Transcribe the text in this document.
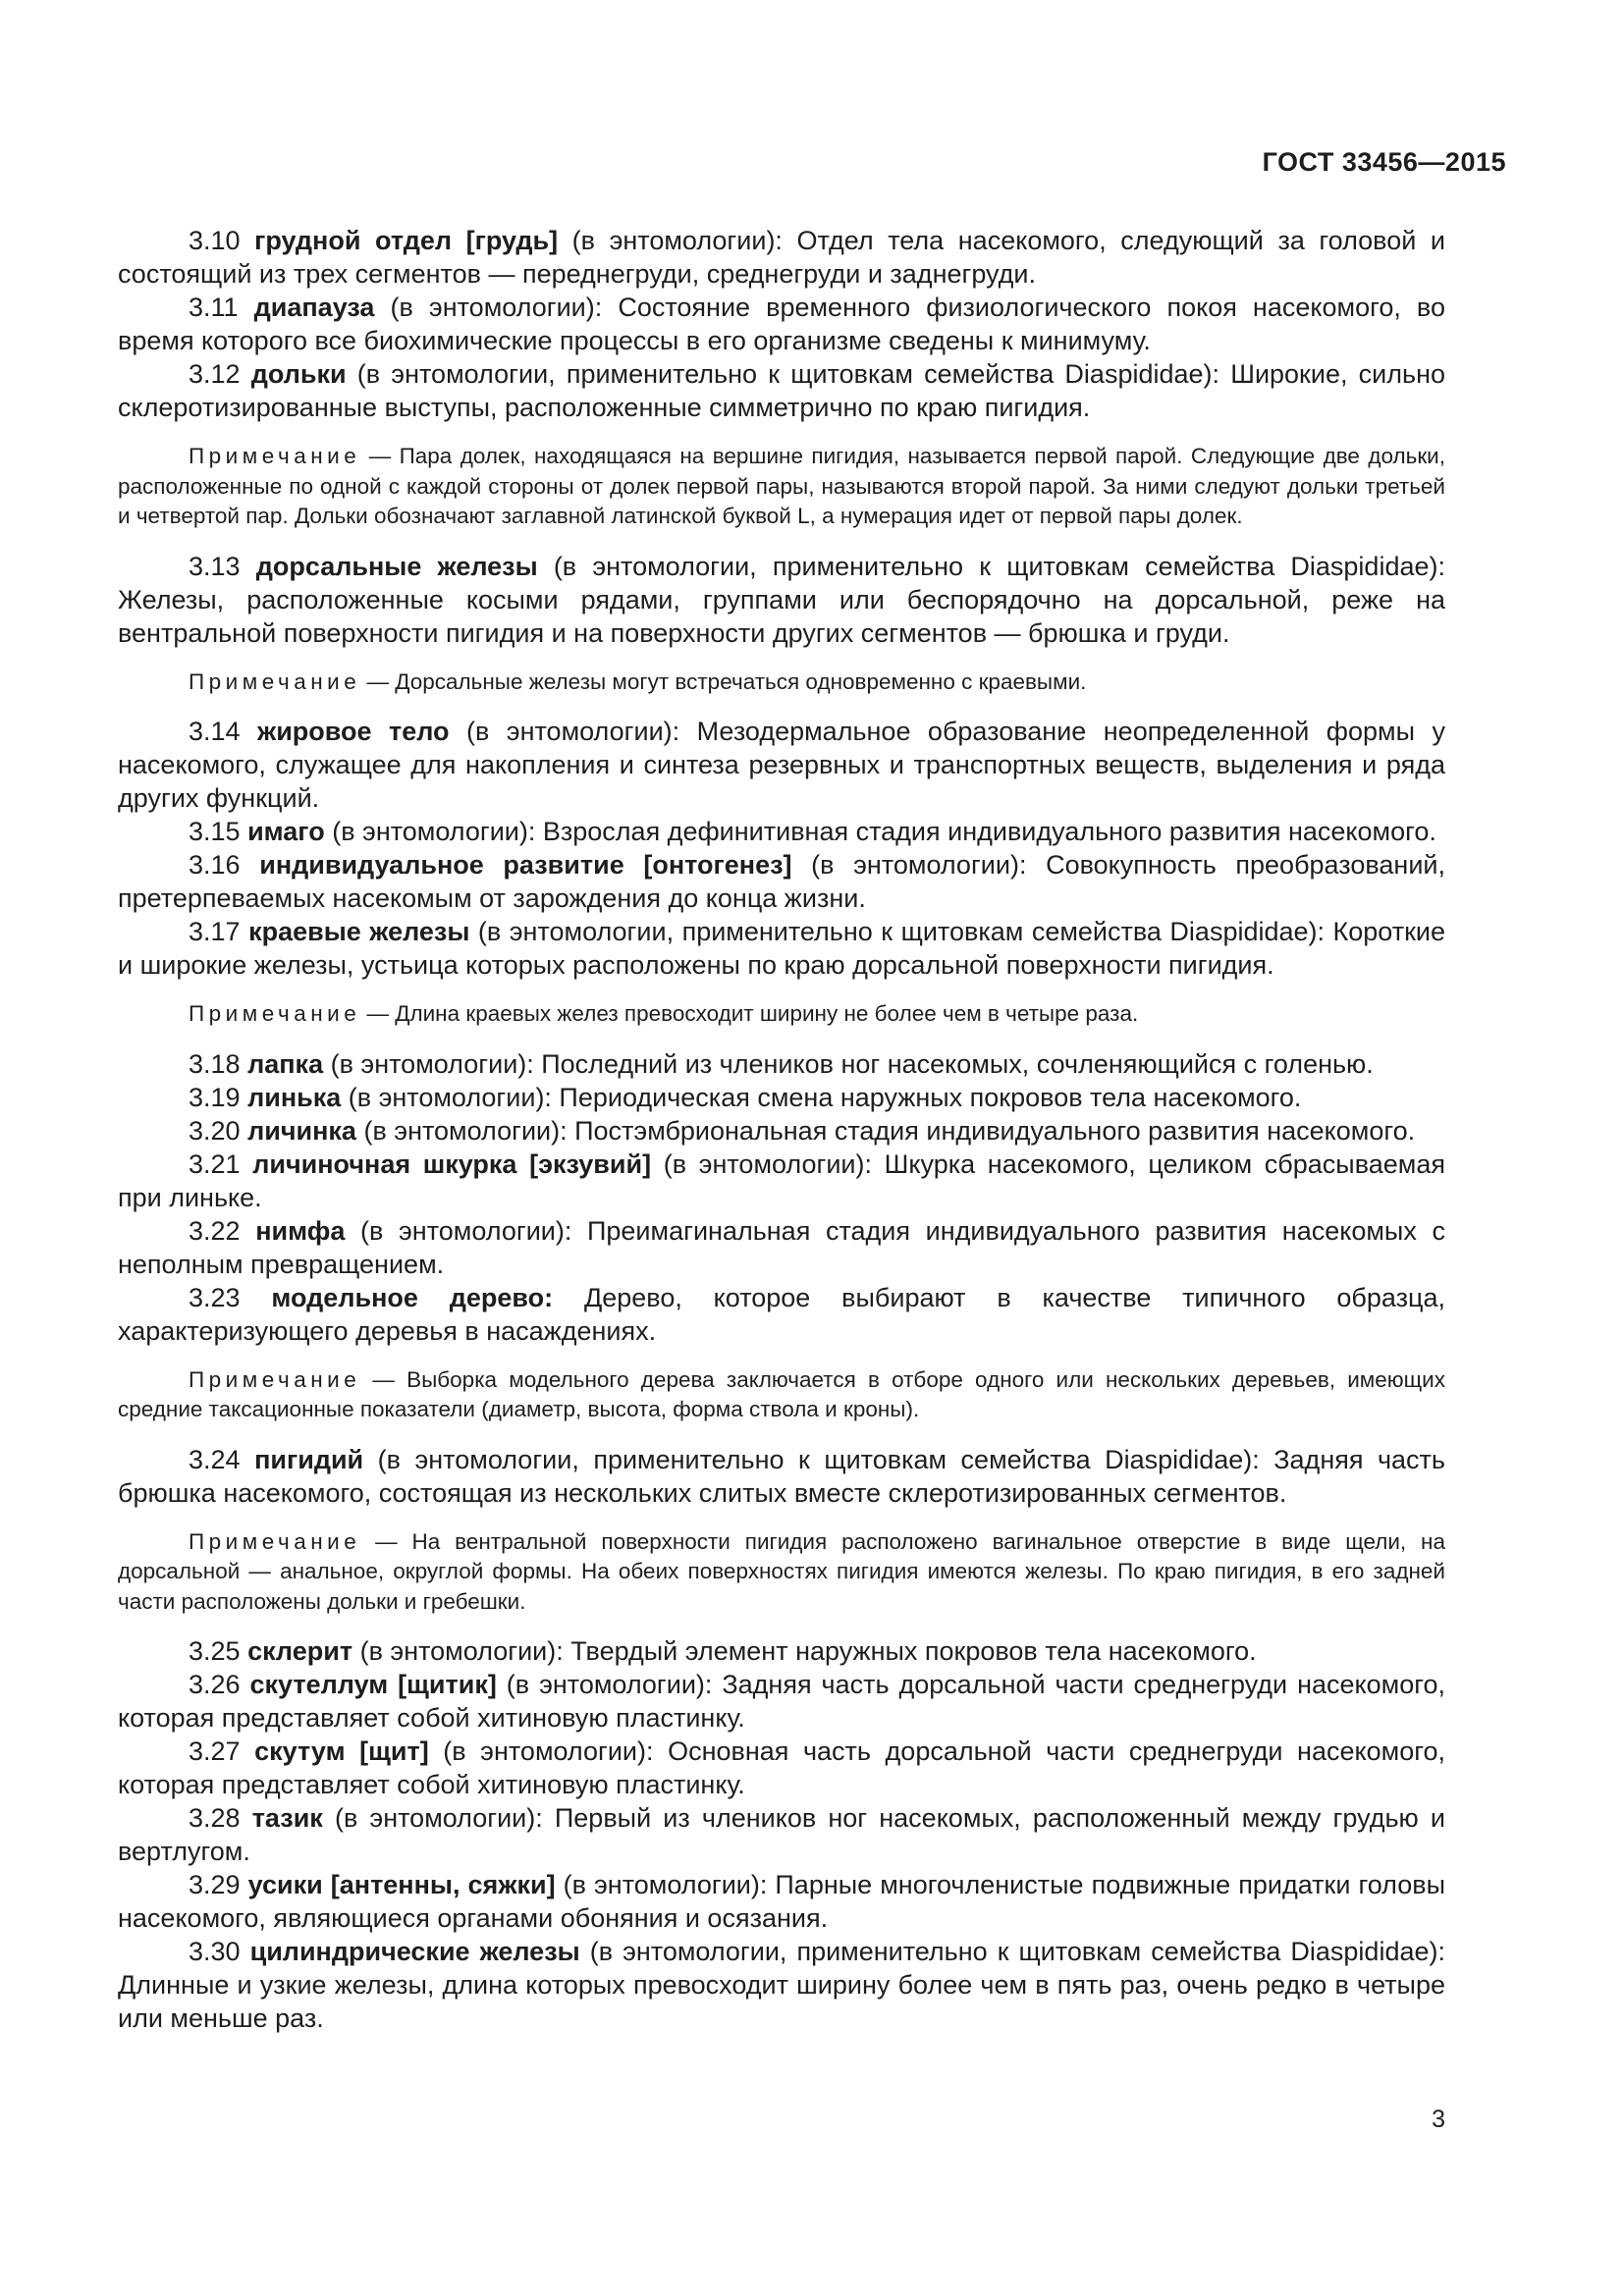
ГОСТ 33456—2015

3.10 грудной отдел [грудь] (в энтомологии): Отдел тела насекомого, следующий за головой и состоящий из трех сегментов — переднегруди, среднегруди и заднегруди.

3.11 диапауза (в энтомологии): Состояние временного физиологического покоя насекомого, во время которого все биохимические процессы в его организме сведены к минимуму.

3.12 дольки (в энтомологии, применительно к щитовкам семейства Diaspididae): Широкие, сильно склеротизированные выступы, расположенные симметрично по краю пигидия.

Примечание — Пара долек, находящаяся на вершине пигидия, называется первой парой. Следующие две дольки, расположенные по одной с каждой стороны от долек первой пары, называются второй парой. За ними следуют дольки третьей и четвертой пар. Дольки обозначают заглавной латинской буквой L, а нумерация идет от первой пары долек.

3.13 дорсальные железы (в энтомологии, применительно к щитовкам семейства Diaspididae): Железы, расположенные косыми рядами, группами или беспорядочно на дорсальной, реже на вентральной поверхности пигидия и на поверхности других сегментов — брюшка и груди.

Примечание — Дорсальные железы могут встречаться одновременно с краевыми.

3.14 жировое тело (в энтомологии): Мезодермальное образование неопределенной формы у насекомого, служащее для накопления и синтеза резервных и транспортных веществ, выделения и ряда других функций.

3.15 имаго (в энтомологии): Взрослая дефинитивная стадия индивидуального развития насекомого.

3.16 индивидуальное развитие [онтогенез] (в энтомологии): Совокупность преобразований, претерпеваемых насекомым от зарождения до конца жизни.

3.17 краевые железы (в энтомологии, применительно к щитовкам семейства Diaspididae): Короткие и широкие железы, устьица которых расположены по краю дорсальной поверхности пигидия.

Примечание — Длина краевых желез превосходит ширину не более чем в четыре раза.

3.18 лапка (в энтомологии): Последний из члеников ног насекомых, сочленяющийся с голенью.

3.19 линька (в энтомологии): Периодическая смена наружных покровов тела насекомого.

3.20 личинка (в энтомологии): Постэмбриональная стадия индивидуального развития насекомого.

3.21 личиночная шкурка [экзувий] (в энтомологии): Шкурка насекомого, целиком сбрасываемая при линьке.

3.22 нимфа (в энтомологии): Преимагинальная стадия индивидуального развития насекомых с неполным превращением.

3.23 модельное дерево: Дерево, которое выбирают в качестве типичного образца, характеризующего деревья в насаждениях.

Примечание — Выборка модельного дерева заключается в отборе одного или нескольких деревьев, имеющих средние таксационные показатели (диаметр, высота, форма ствола и кроны).

3.24 пигидий (в энтомологии, применительно к щитовкам семейства Diaspididae): Задняя часть брюшка насекомого, состоящая из нескольких слитых вместе склеротизированных сегментов.

Примечание — На вентральной поверхности пигидия расположено вагинальное отверстие в виде щели, на дорсальной — анальное, округлой формы. На обеих поверхностях пигидия имеются железы. По краю пигидия, в его задней части расположены дольки и гребешки.

3.25 склерит (в энтомологии): Твердый элемент наружных покровов тела насекомого.

3.26 скутеллум [щитик] (в энтомологии): Задняя часть дорсальной части среднегруди насекомого, которая представляет собой хитиновую пластинку.

3.27 скутум [щит] (в энтомологии): Основная часть дорсальной части среднегруди насекомого, которая представляет собой хитиновую пластинку.

3.28 тазик (в энтомологии): Первый из члеников ног насекомых, расположенный между грудью и вертлугом.

3.29 усики [антенны, сяжки] (в энтомологии): Парные многочленистые подвижные придатки головы насекомого, являющиеся органами обоняния и осязания.

3.30 цилиндрические железы (в энтомологии, применительно к щитовкам семейства Diaspididae): Длинные и узкие железы, длина которых превосходит ширину более чем в пять раз, очень редко в четыре или меньше раз.

3
